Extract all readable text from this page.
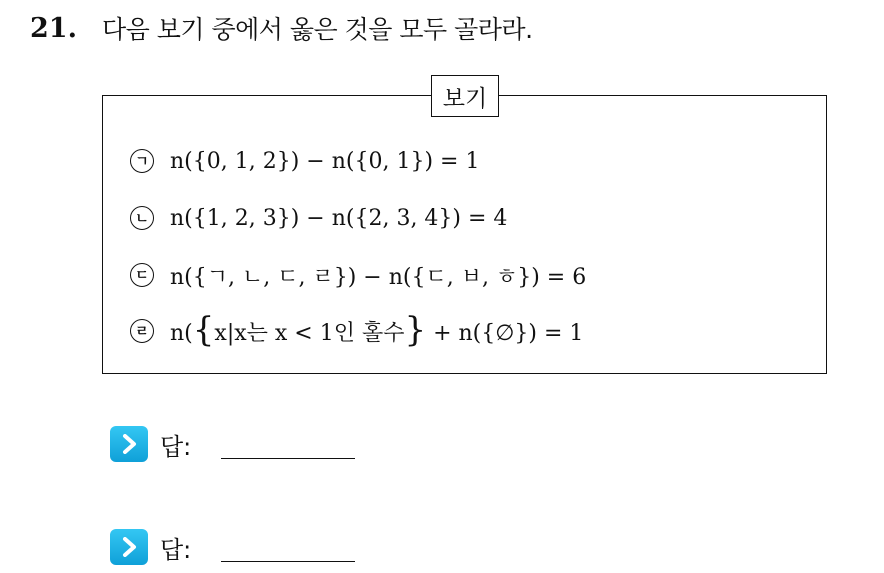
21.	다음 보기 중에서 옳은 것을 모두 골라라.
보기
ㄱ n({0, 1, 2}) − n({0, 1}) = 1
ㄴ n({1, 2, 3}) − n({2, 3, 4}) = 4
ㄷ n({ㄱ, ㄴ, ㄷ, ㄹ}) − n({ㄷ, ㅂ, ㅎ}) = 6
ㄹ n({x|x는 x < 1인 홀수} + n({∅}) = 1
답:
답:
